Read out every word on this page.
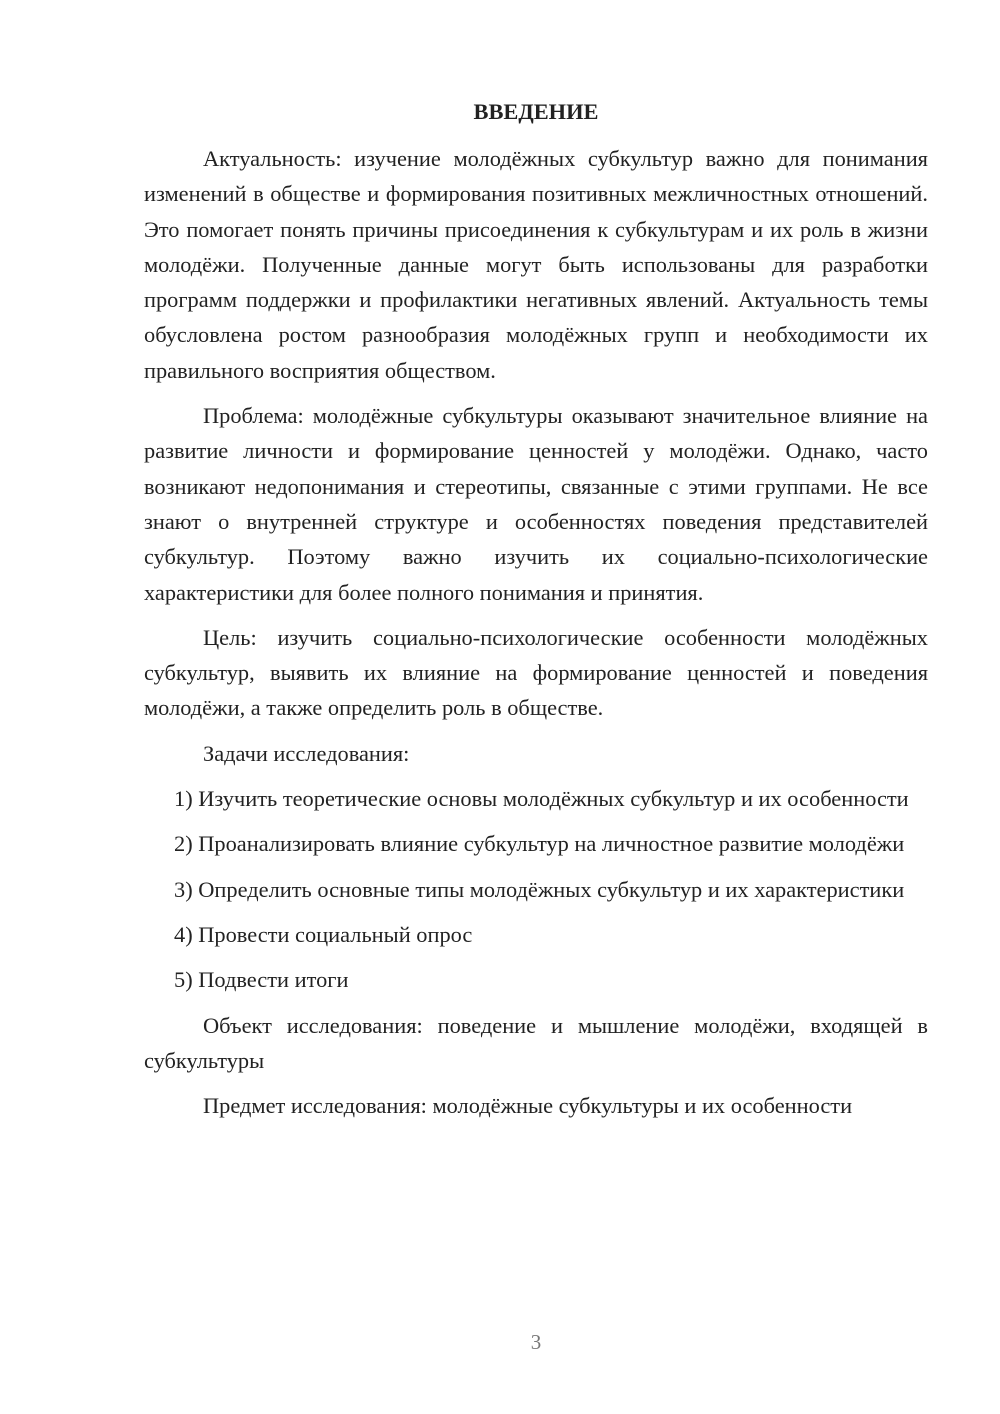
ВВЕДЕНИЕ

Актуальность: изучение молодёжных субкультур важно для понимания изменений в обществе и формирования позитивных межличностных отношений. Это помогает понять причины присоединения к субкультурам и их роль в жизни молодёжи. Полученные данные могут быть использованы для разработки программ поддержки и профилактики негативных явлений. Актуальность темы обусловлена ростом разнообразия молодёжных групп и необходимости их правильного восприятия обществом.

Проблема: молодёжные субкультуры оказывают значительное влияние на развитие личности и формирование ценностей у молодёжи. Однако, часто возникают недопонимания и стереотипы, связанные с этими группами. Не все знают о внутренней структуре и особенностях поведения представителей субкультур. Поэтому важно изучить их социально-психологические характеристики для более полного понимания и принятия.

Цель: изучить социально-психологические особенности молодёжных субкультур, выявить их влияние на формирование ценностей и поведения молодёжи, а также определить роль в обществе.

Задачи исследования:

1) Изучить теоретические основы молодёжных субкультур и их особенности

2) Проанализировать влияние субкультур на личностное развитие молодёжи

3) Определить основные типы молодёжных субкультур и их характеристики

4) Провести социальный опрос

5) Подвести итоги

Объект исследования: поведение и мышление молодёжи, входящей в субкультуры

Предмет исследования: молодёжные субкультуры и их особенности

3
